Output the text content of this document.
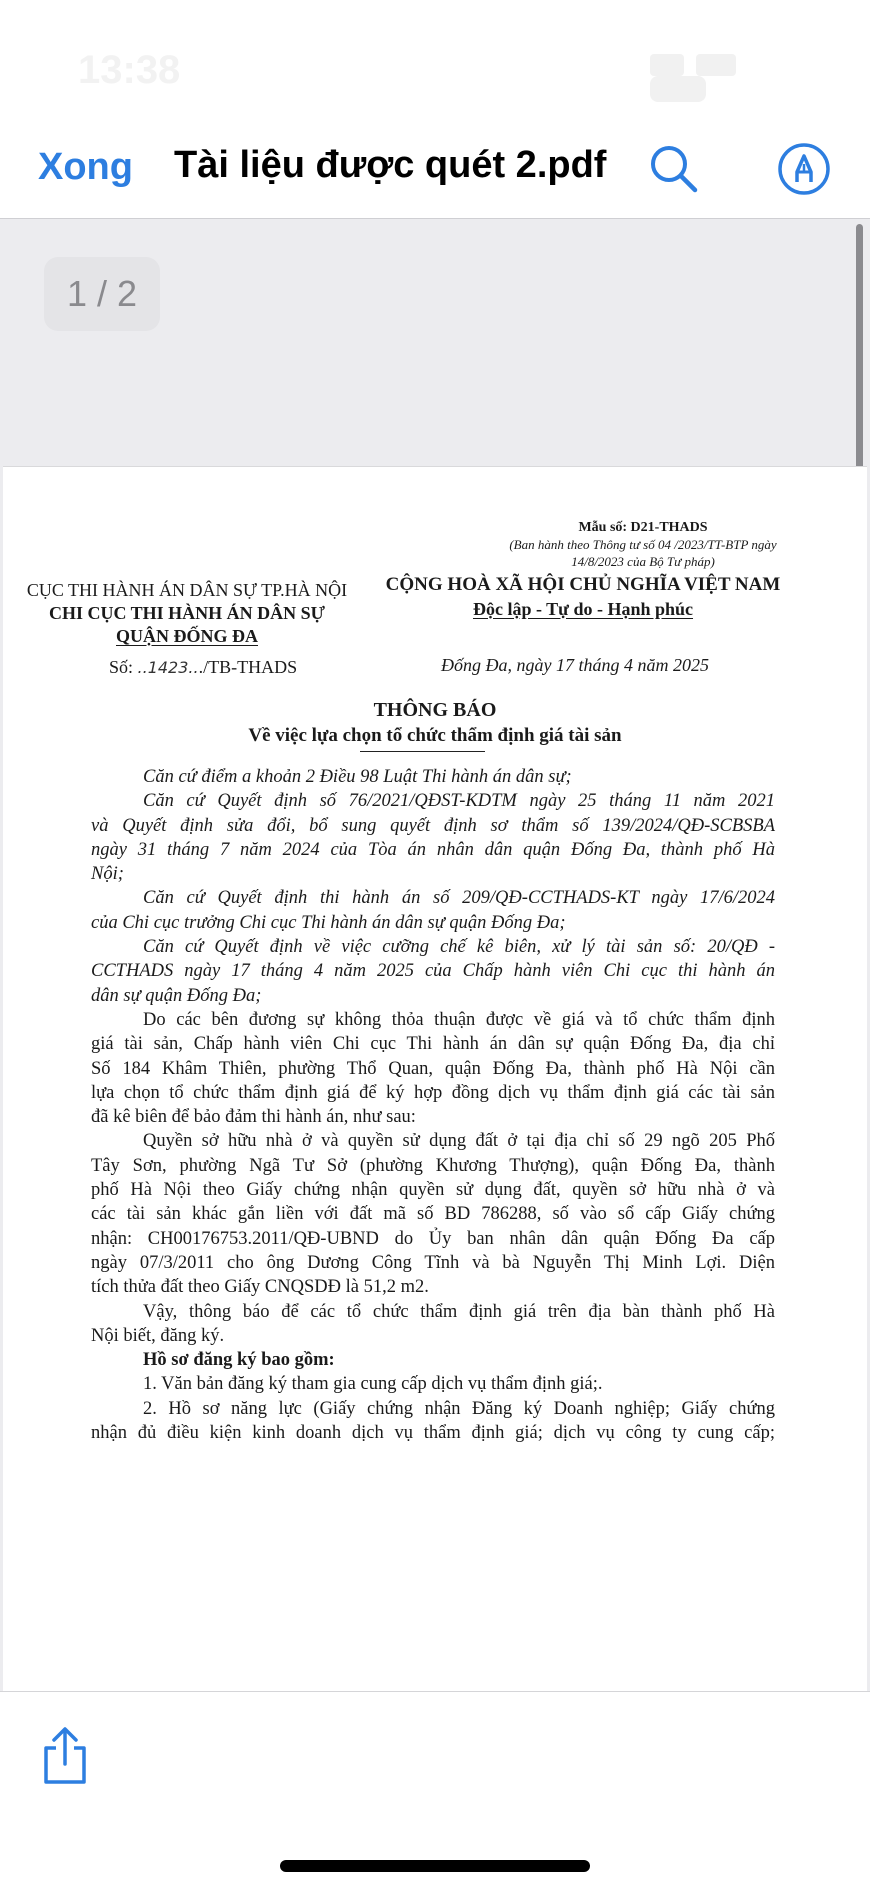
13:38

Xong Tài liệu được quét 2.pdf
1 / 2
Mẫu số: D21-THADS
(Ban hành theo Thông tư số 04 /2023/TT-BTP ngày
14/8/2023 của Bộ Tư pháp)
CỤC THI HÀNH ÁN DÂN SỰ TP.HÀ NỘI
CHI CỤC THI HÀNH ÁN DÂN SỰ
QUẬN ĐỐNG ĐA
CỘNG HOÀ XÃ HỘI CHỦ NGHĨA VIỆT NAM
Độc lập - Tự do - Hạnh phúc
Số: ..1423.../TB-THADS	Đống Đa, ngày 17 tháng 4 năm 2025
THÔNG BÁO
Về việc lựa chọn tổ chức thẩm định giá tài sản

Căn cứ điểm a khoản 2 Điều 98 Luật Thi hành án dân sự;

Căn cứ Quyết định số 76/2021/QĐST-KDTM ngày 25 tháng 11 năm 2021

và Quyết định sửa đổi, bổ sung quyết định sơ thẩm số 139/2024/QĐ-SCBSBA

ngày 31 tháng 7 năm 2024 của Tòa án nhân dân quận Đống Đa, thành phố Hà

Nội;

Căn cứ Quyết định thi hành án số 209/QĐ-CCTHADS-KT ngày 17/6/2024

của Chi cục trưởng Chi cục Thi hành án dân sự quận Đống Đa;

Căn cứ Quyết định về việc cưỡng chế kê biên, xử lý tài sản số: 20/QĐ -

CCTHADS ngày 17 tháng 4 năm 2025 của Chấp hành viên Chi cục thi hành án

dân sự quận Đống Đa;

Do các bên đương sự không thỏa thuận được về giá và tổ chức thẩm định

giá tài sản, Chấp hành viên Chi cục Thi hành án dân sự quận Đống Đa, địa chỉ

Số 184 Khâm Thiên, phường Thổ Quan, quận Đống Đa, thành phố Hà Nội cần

lựa chọn tổ chức thẩm định giá để ký hợp đồng dịch vụ thẩm định giá các tài sản

đã kê biên để bảo đảm thi hành án, như sau:

Quyền sở hữu nhà ở và quyền sử dụng đất ở tại địa chỉ số 29 ngõ 205 Phố

Tây Sơn, phường Ngã Tư Sở (phường Khương Thượng), quận Đống Đa, thành

phố Hà Nội theo Giấy chứng nhận quyền sử dụng đất, quyền sở hữu nhà ở và

các tài sản khác gắn liền với đất mã số BD 786288, số vào sổ cấp Giấy chứng

nhận: CH00176753.2011/QĐ-UBND do Ủy ban nhân dân quận Đống Đa cấp

ngày 07/3/2011 cho ông Dương Công Tĩnh và bà Nguyễn Thị Minh Lợi. Diện

tích thửa đất theo Giấy CNQSDĐ là 51,2 m2.

Vậy, thông báo để các tổ chức thẩm định giá trên địa bàn thành phố Hà

Nội biết, đăng ký.

Hồ sơ đăng ký bao gồm:

1. Văn bản đăng ký tham gia cung cấp dịch vụ thẩm định giá;.

2. Hồ sơ năng lực (Giấy chứng nhận Đăng ký Doanh nghiệp; Giấy chứng

nhận đủ điều kiện kinh doanh dịch vụ thẩm định giá; dịch vụ công ty cung cấp;
